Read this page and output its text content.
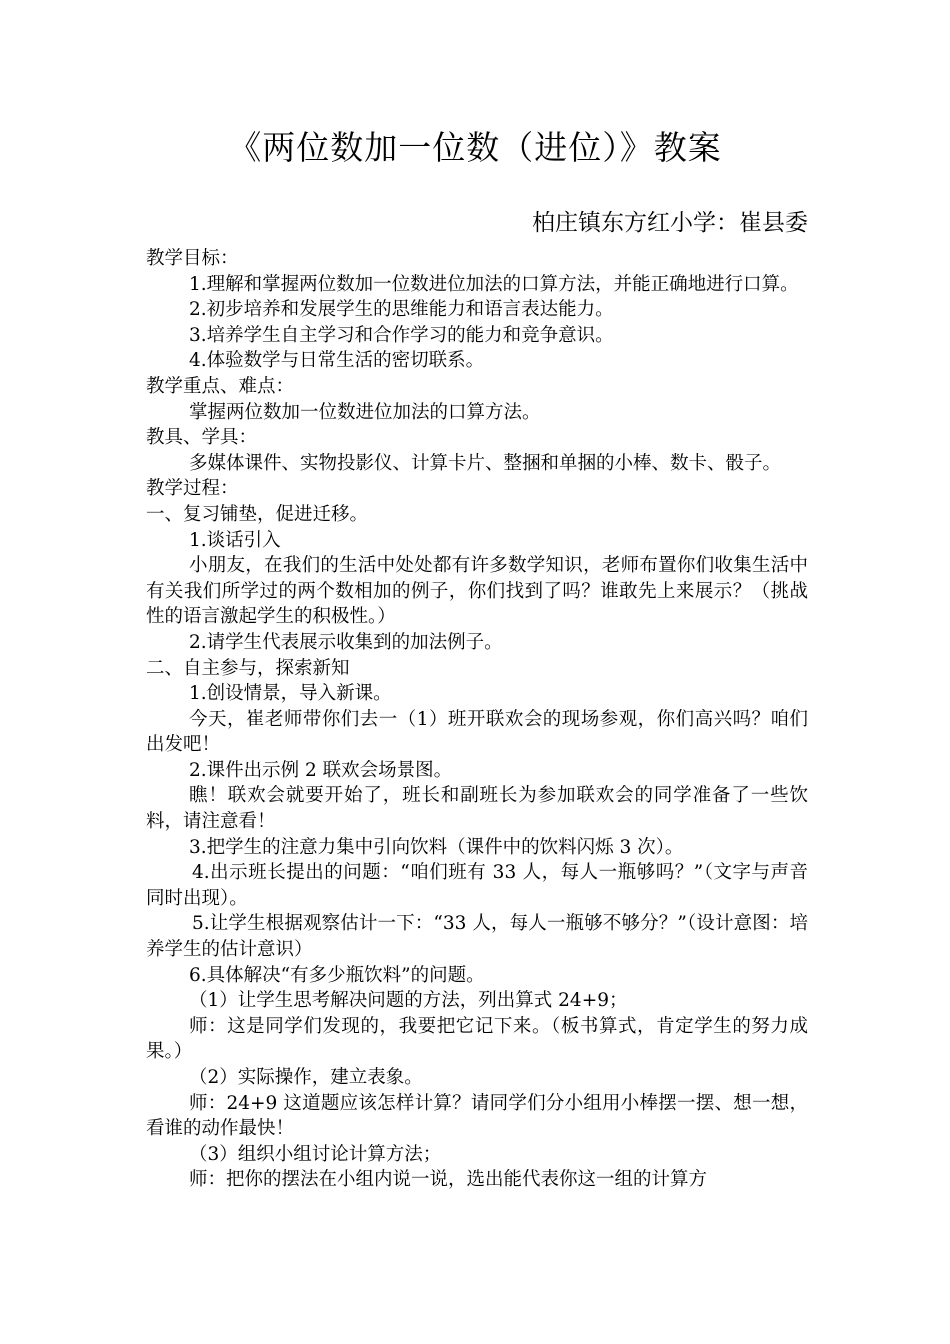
《两位数加一位数（进位）》教案
柏庄镇东方红小学：崔县委

教学目标：

1.理解和掌握两位数加一位数进位加法的口算方法，并能正确地进行口算。

2.初步培养和发展学生的思维能力和语言表达能力。

3.培养学生自主学习和合作学习的能力和竞争意识。

4.体验数学与日常生活的密切联系。

教学重点、难点：

掌握两位数加一位数进位加法的口算方法。

教具、学具：

多媒体课件、实物投影仪、计算卡片、整捆和单捆的小棒、数卡、骰子。

教学过程：

一、复习铺垫，促进迁移。

1.谈话引入

小朋友，在我们的生活中处处都有许多数学知识，老师布置你们收集生活中有关我们所学过的两个数相加的例子，你们找到了吗？谁敢先上来展示？（挑战性的语言激起学生的积极性。）

2.请学生代表展示收集到的加法例子。

二、自主参与，探索新知

1.创设情景，导入新课。

今天，崔老师带你们去一（1）班开联欢会的现场参观，你们高兴吗？咱们出发吧！

2.课件出示例 2 联欢会场景图。

瞧！联欢会就要开始了，班长和副班长为参加联欢会的同学准备了一些饮料，请注意看！

3.把学生的注意力集中引向饮料（课件中的饮料闪烁 3 次）。

4.出示班长提出的问题：“咱们班有 33 人，每人一瓶够吗？”（文字与声音同时出现）。

5.让学生根据观察估计一下：“33 人，每人一瓶够不够分？”（设计意图：培养学生的估计意识）

6.具体解决“有多少瓶饮料”的问题。

（1）让学生思考解决问题的方法，列出算式 24+9；

师：这是同学们发现的，我要把它记下来。（板书算式，肯定学生的努力成果。）

（2）实际操作，建立表象。

师：24+9 这道题应该怎样计算？请同学们分小组用小棒摆一摆、想一想，看谁的动作最快！

（3）组织小组讨论计算方法；

师：把你的摆法在小组内说一说，选出能代表你这一组的计算方
